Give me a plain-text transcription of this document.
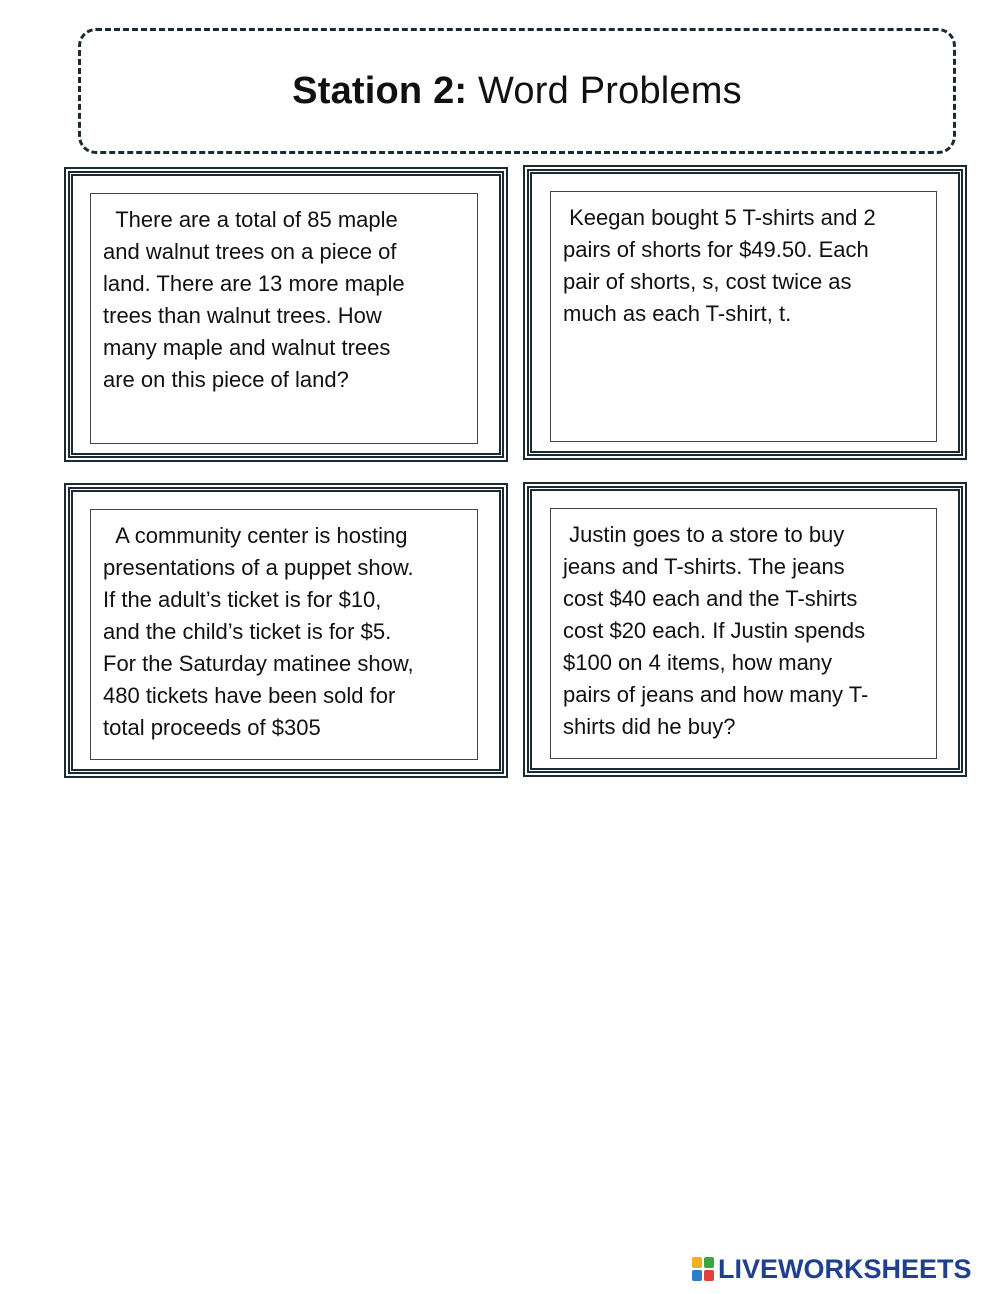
Station 2: Word Problems
There are a total of 85 maple
and walnut trees on a piece of
land. There are 13 more maple
trees than walnut trees. How
many maple and walnut trees
are on this piece of land?
Keegan bought 5 T-shirts and 2
pairs of shorts for $49.50. Each
pair of shorts, s, cost twice as
much as each T-shirt, t.
A community center is hosting
presentations of a puppet show.
If the adult’s ticket is for $10,
and the child’s ticket is for $5.
For the Saturday matinee show,
480 tickets have been sold for
total proceeds of $305
Justin goes to a store to buy
jeans and T-shirts. The jeans
cost $40 each and the T-shirts
cost $20 each. If Justin spends
$100 on 4 items, how many
pairs of jeans and how many T-
shirts did he buy?
LIVEWORKSHEETS
